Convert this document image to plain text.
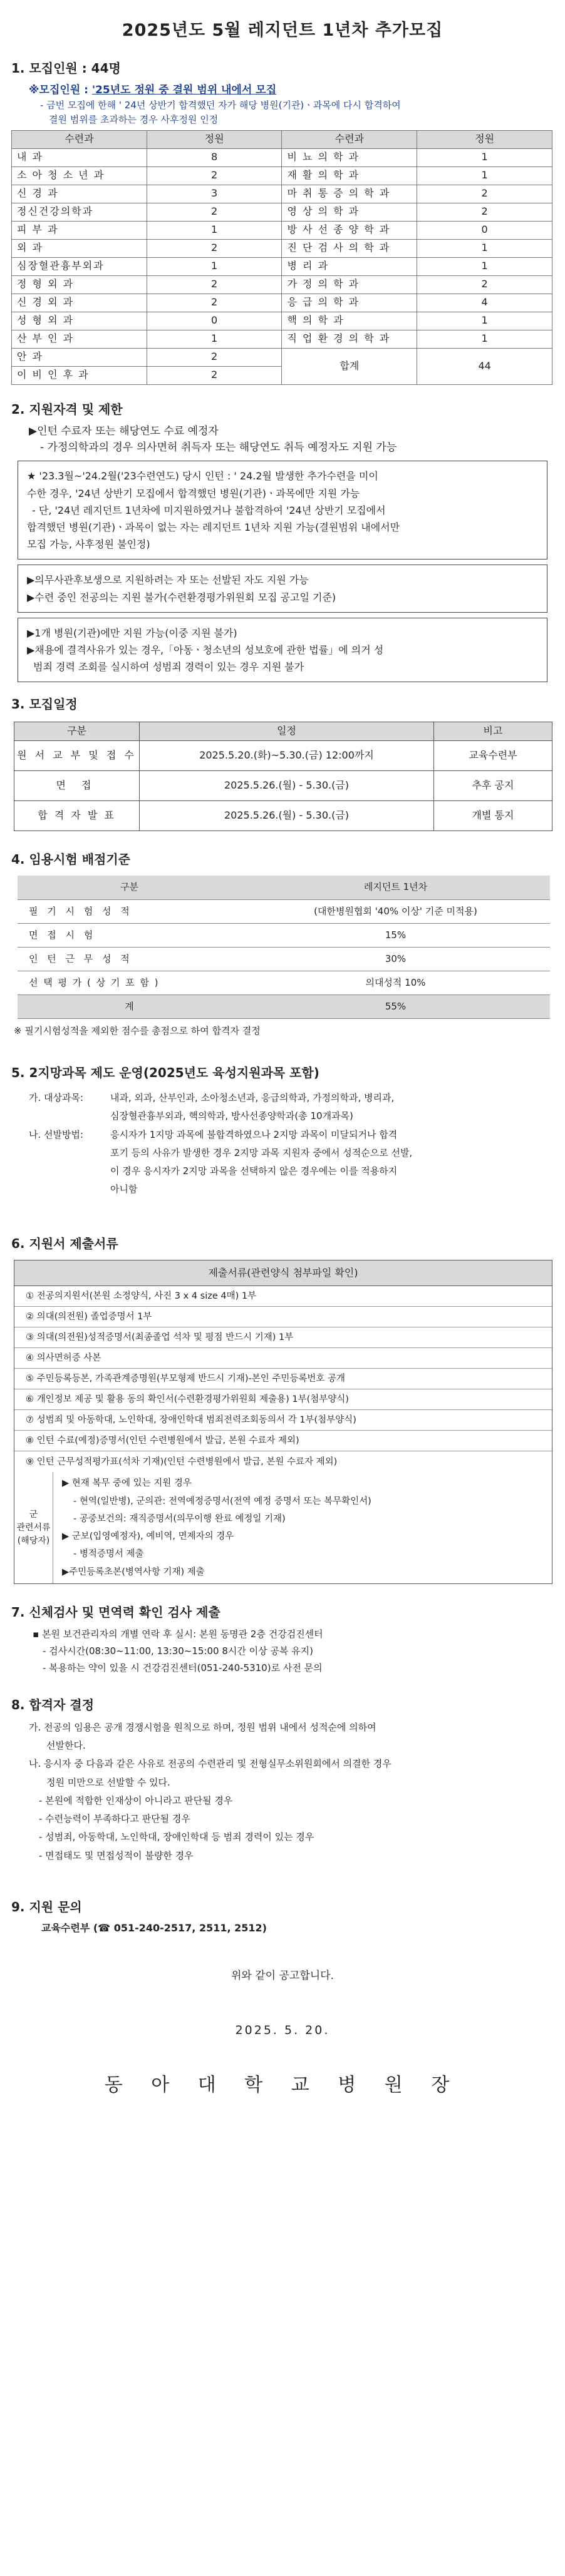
2025년도 5월 레지던트 1년차 추가모집
1. 모집인원 : 44명
※모집인원 : '25년도 정원 중 결원 범위 내에서 모집
- 금번 모집에 한해 ' 24년 상반기 합격했던 자가 해당 병원(기관)ㆍ과목에 다시 합격하여
결원 범위를 초과하는 경우 사후정원 인정
수련과	정원	수련과	정원
내 과	8	비 뇨 의 학 과	1
소 아 청 소 년 과	2	재 활 의 학 과	1
신 경 과	3	마 취 통 증 의 학 과	2
정신건강의학과	2	영 상 의 학 과	2
피 부 과	1	방 사 선 종 양 학 과	0
외 과	2	진 단 검 사 의 학 과	1
심장혈관흉부외과	1	병 리 과	1
정 형 외 과	2	가 정 의 학 과	2
신 경 외 과	2	응 급 의 학 과	4
성 형 외 과	0	핵 의 학 과	1
산 부 인 과	1	직 업 환 경 의 학 과	1
안 과	2	합계	44
이 비 인 후 과	2		
2. 지원자격 및 제한
▶인턴 수료자 또는 해당연도 수료 예정자
- 가정의학과의 경우 의사면허 취득자 또는 해당연도 취득 예정자도 지원 가능
★ '23.3월~'24.2월('23수련연도) 당시 인턴 : ' 24.2월 발생한 추가수련을 미이
수한 경우, '24년 상반기 모집에서 합격했던 병원(기관)ㆍ과목에만 지원 가능
- 단, '24년 레지던트 1년차에 미지원하였거나 불합격하여 '24년 상반기 모집에서
합격했던 병원(기관)ㆍ과목이 없는 자는 레지던트 1년차 지원 가능(결원범위 내에서만
모집 가능, 사후정원 불인정)
▶의무사관후보생으로 지원하려는 자 또는 선발된 자도 지원 가능
▶수련 중인 전공의는 지원 불가(수련환경평가위원회 모집 공고일 기준)
▶1개 병원(기관)에만 지원 가능(이중 지원 불가)
▶채용에 결격사유가 있는 경우,「아동ㆍ청소년의 성보호에 관한 법률」에 의거 성
범죄 경력 조회를 실시하여 성범죄 경력이 있는 경우 지원 불가
3. 모집일정
구분	일정	비고
원 서 교 부 및 접 수	2025.5.20.(화)~5.30.(금) 12:00까지	교육수련부
면 접	2025.5.26.(월) - 5.30.(금)	추후 공지
합 격 자 발 표	2025.5.26.(월) - 5.30.(금)	개별 통지
4. 임용시험 배점기준
구분	레지던트 1년차
필 기 시 험 성 적	(대한병원협회 '40% 이상' 기준 미적용)
면 접 시 험	15%
인 턴 근 무 성 적	30%
선 택 평 가 ( 상 기 포 함 )	의대성적 10%
계	55%
※ 필기시험성적을 제외한 점수를 총점으로 하여 합격자 결정
5. 2지망과목 제도 운영(2025년도 육성지원과목 포함)
가. 대상과목:	내과, 외과, 산부인과, 소아청소년과, 응급의학과, 가정의학과, 병리과,
심장혈관흉부외과, 핵의학과, 방사선종양학과(총 10개과목)
나. 선발방법:	응시자가 1지망 과목에 불합격하였으나 2지망 과목이 미달되거나 합격
포기 등의 사유가 발생한 경우 2지망 과목 지원자 중에서 성적순으로 선발,
이 경우 응시자가 2지망 과목을 선택하지 않은 경우에는 이를 적용하지
아니함
6. 지원서 제출서류
제출서류(관련양식 첨부파일 확인)
① 전공의지원서(본원 소정양식, 사진 3 x 4 size 4매) 1부
② 의대(의전원) 졸업증명서 1부
③ 의대(의전원)성적증명서(최종졸업 석차 및 평점 반드시 기재) 1부
④ 의사면허증 사본
⑤ 주민등록등본, 가족관계증명원(부모형제 반드시 기재)-본인 주민등록번호 공개
⑥ 개인정보 제공 및 활용 동의 확인서(수련환경평가위원회 제출용) 1부(첨부양식)
⑦ 성범죄 및 아동학대, 노인학대, 장애인학대 범죄전력조회동의서 각 1부(첨부양식)
⑧ 인턴 수료(예정)증명서(인턴 수련병원에서 발급, 본원 수료자 제외)
⑨ 인턴 근무성적평가표(석차 기재)(인턴 수련병원에서 발급, 본원 수료자 제외)
군
관련서류
(해당자)
▶ 현재 복무 중에 있는 지원 경우
- 현역(일반병), 군의관: 전역예정증명서(전역 예정 증명서 또는 복무확인서)
- 공중보건의: 재직증명서(의무이행 완료 예정일 기재)
▶ 군보(입영예정자), 예비역, 면제자의 경우
- 병적증명서 제출
▶주민등록초본(병역사항 기재) 제출
7. 신체검사 및 면역력 확인 검사 제출
▪ 본원 보건관리자의 개별 연락 후 실시: 본원 동명관 2층 건강검진센터
- 검사시간(08:30~11:00, 13:30~15:00 8시간 이상 공복 유지)
- 복용하는 약이 있을 시 건강검진센터(051-240-5310)로 사전 문의
8. 합격자 결정
가. 전공의 임용은 공개 경쟁시험을 원칙으로 하며, 정원 범위 내에서 성적순에 의하여
선발한다.
나. 응시자 중 다음과 같은 사유로 전공의 수련관리 및 전형실무소위원회에서 의결한 경우
정원 미만으로 선발할 수 있다.
- 본원에 적합한 인재상이 아니라고 판단될 경우
- 수련능력이 부족하다고 판단될 경우
- 성범죄, 아동학대, 노인학대, 장애인학대 등 범죄 경력이 있는 경우
- 면접태도 및 면접성적이 불량한 경우
9. 지원 문의
교육수련부 (☎ 051-240-2517, 2511, 2512)
위와 같이 공고합니다.
2025. 5. 20.
동 아 대 학 교 병 원 장
